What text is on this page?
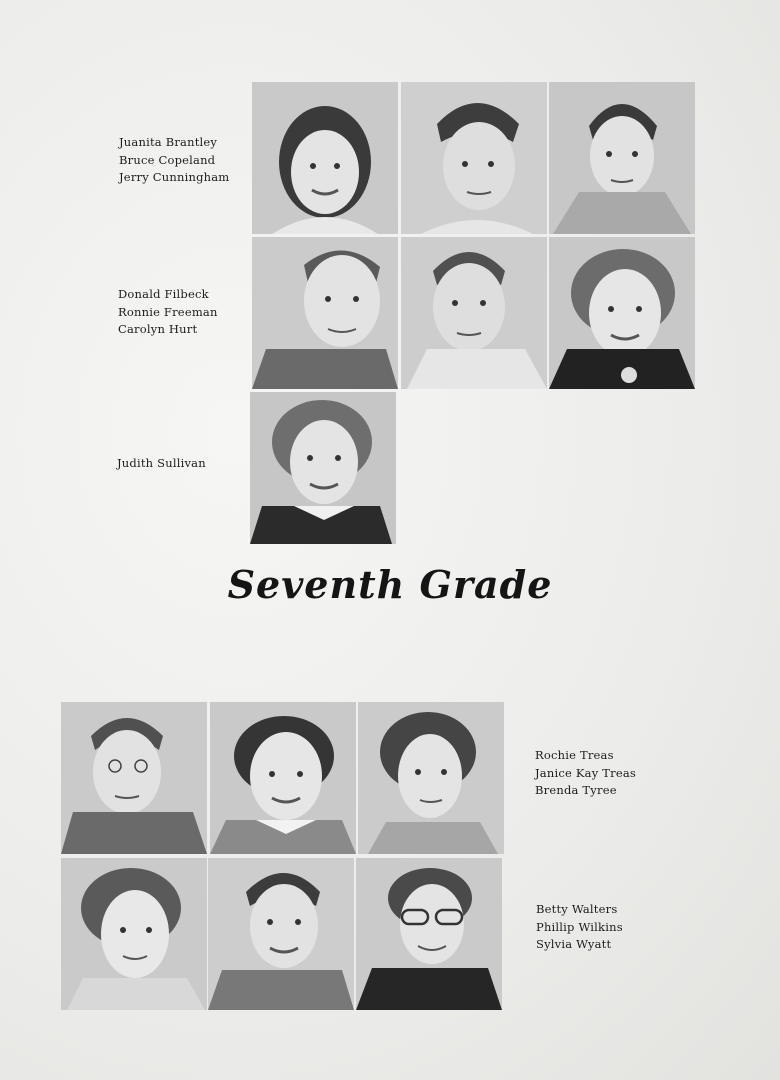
Juanita Brantley
Bruce Copeland
Jerry Cunningham
Donald Filbeck
Ronnie Freeman
Carolyn Hurt
Judith Sullivan
Rochie Treas
Janice Kay Treas
Brenda Tyree
Betty Walters
Phillip Wilkins
Sylvia Wyatt
Seventh Grade
